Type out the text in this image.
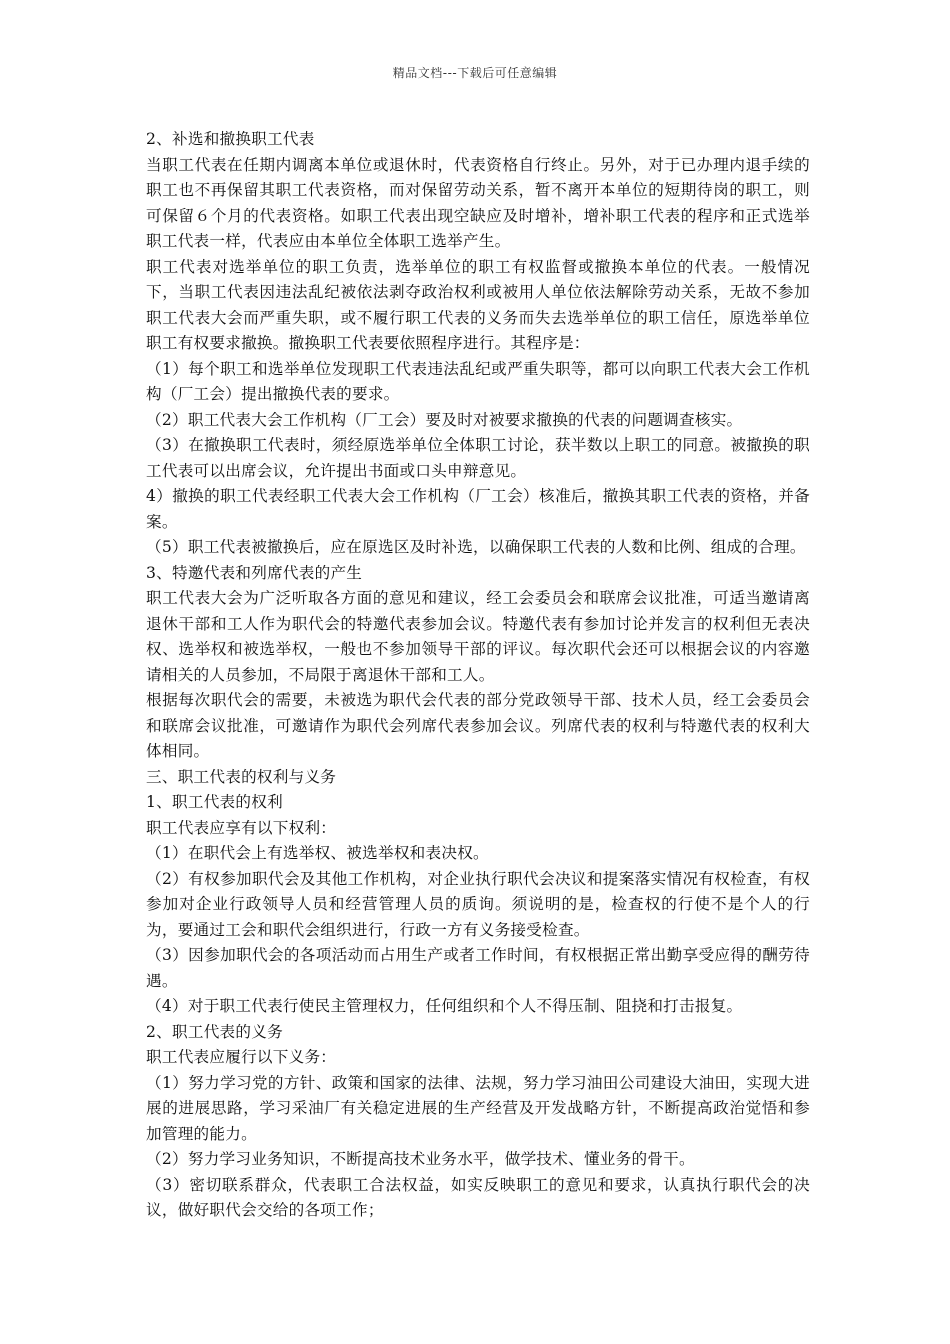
精品文档---下载后可任意编辑

2、补选和撤换职工代表

当职工代表在任期内调离本单位或退休时，代表资格自行终止。另外，对于已办理内退手续的职工也不再保留其职工代表资格，而对保留劳动关系，暂不离开本单位的短期待岗的职工，则可保留６个月的代表资格。如职工代表出现空缺应及时增补，增补职工代表的程序和正式选举职工代表一样，代表应由本单位全体职工选举产生。

职工代表对选举单位的职工负责，选举单位的职工有权监督或撤换本单位的代表。一般情况下，当职工代表因违法乱纪被依法剥夺政治权利或被用人单位依法解除劳动关系，无故不参加职工代表大会而严重失职，或不履行职工代表的义务而失去选举单位的职工信任，原选举单位职工有权要求撤换。撤换职工代表要依照程序进行。其程序是：

（1）每个职工和选举单位发现职工代表违法乱纪或严重失职等，都可以向职工代表大会工作机构（厂工会）提出撤换代表的要求。

（2）职工代表大会工作机构（厂工会）要及时对被要求撤换的代表的问题调查核实。

（3）在撤换职工代表时，须经原选举单位全体职工讨论，获半数以上职工的同意。被撤换的职工代表可以出席会议，允许提出书面或口头申辩意见。

4）撤换的职工代表经职工代表大会工作机构（厂工会）核准后，撤换其职工代表的资格，并备案。

（5）职工代表被撤换后，应在原选区及时补选，以确保职工代表的人数和比例、组成的合理。

3、特邀代表和列席代表的产生

职工代表大会为广泛听取各方面的意见和建议，经工会委员会和联席会议批准，可适当邀请离退休干部和工人作为职代会的特邀代表参加会议。特邀代表有参加讨论并发言的权利但无表决权、选举权和被选举权，一般也不参加领导干部的评议。每次职代会还可以根据会议的内容邀请相关的人员参加，不局限于离退休干部和工人。

根据每次职代会的需要，未被选为职代会代表的部分党政领导干部、技术人员，经工会委员会和联席会议批准，可邀请作为职代会列席代表参加会议。列席代表的权利与特邀代表的权利大体相同。

三、职工代表的权利与义务

1、职工代表的权利

职工代表应享有以下权利：

（1）在职代会上有选举权、被选举权和表决权。

（2）有权参加职代会及其他工作机构，对企业执行职代会决议和提案落实情况有权检查，有权参加对企业行政领导人员和经营管理人员的质询。须说明的是，检查权的行使不是个人的行为，要通过工会和职代会组织进行，行政一方有义务接受检查。

（3）因参加职代会的各项活动而占用生产或者工作时间，有权根据正常出勤享受应得的酬劳待遇。

（4）对于职工代表行使民主管理权力，任何组织和个人不得压制、阻挠和打击报复。

2、职工代表的义务

职工代表应履行以下义务：

（1）努力学习党的方针、政策和国家的法律、法规，努力学习油田公司建设大油田，实现大进展的进展思路，学习采油厂有关稳定进展的生产经营及开发战略方针，不断提高政治觉悟和参加管理的能力。

（2）努力学习业务知识，不断提高技术业务水平，做学技术、懂业务的骨干。

（3）密切联系群众，代表职工合法权益，如实反映职工的意见和要求，认真执行职代会的决议，做好职代会交给的各项工作；
